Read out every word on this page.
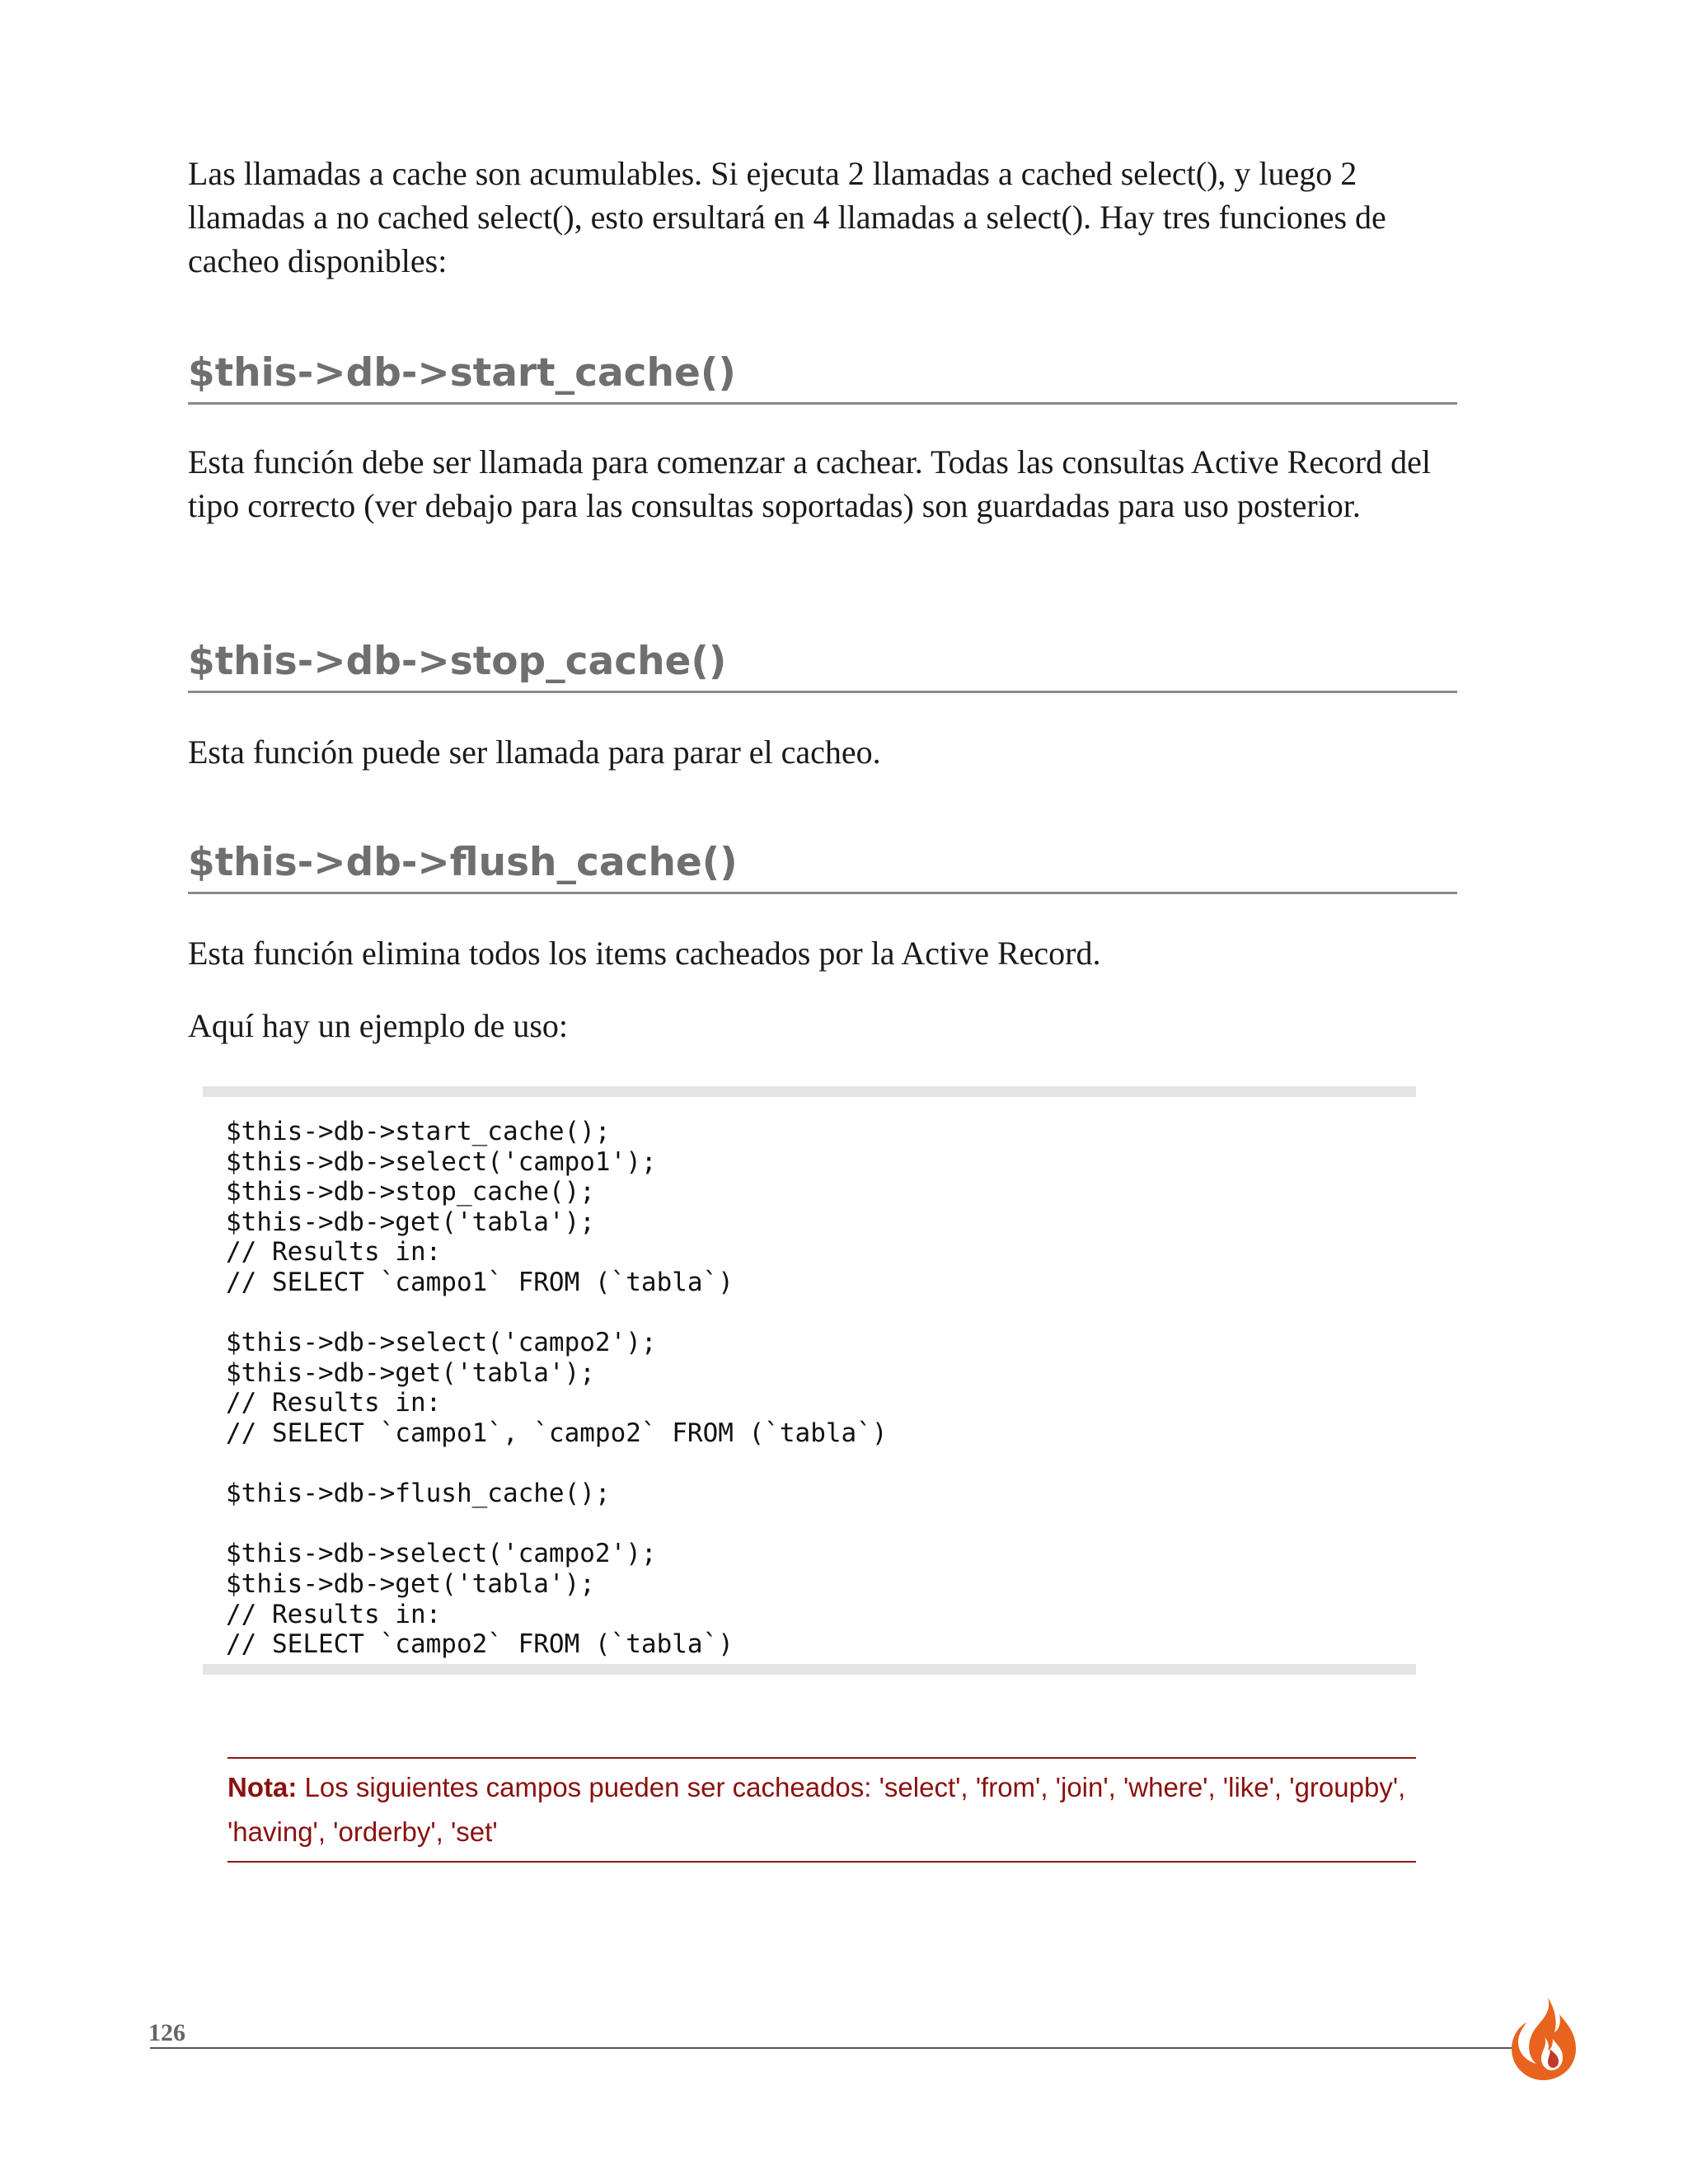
Las llamadas a cache son acumulables. Si ejecuta 2 llamadas a cached select(), y luego 2 llamadas a no cached select(), esto ersultará en 4 llamadas a select(). Hay tres funciones de cacheo disponibles:

$this->db->start_cache()

Esta función debe ser llamada para comenzar a cachear. Todas las consultas Active Record del tipo correcto (ver debajo para las consultas soportadas) son guardadas para uso posterior.

$this->db->stop_cache()

Esta función puede ser llamada para parar el cacheo.

$this->db->flush_cache()

Esta función elimina todos los items cacheados por la Active Record.

Aquí hay un ejemplo de uso:

$this->db->start_cache();
$this->db->select('campo1');
$this->db->stop_cache();
$this->db->get('tabla');
// Results in:
// SELECT `campo1` FROM (`tabla`)

$this->db->select('campo2');
$this->db->get('tabla');
// Results in:
// SELECT `campo1`, `campo2` FROM (`tabla`)

$this->db->flush_cache();

$this->db->select('campo2');
$this->db->get('tabla');
// Results in:
// SELECT `campo2` FROM (`tabla`)
Nota: Los siguientes campos pueden ser cacheados: 'select', 'from', 'join', 'where', 'like', 'groupby', 'having', 'orderby', 'set'
126
